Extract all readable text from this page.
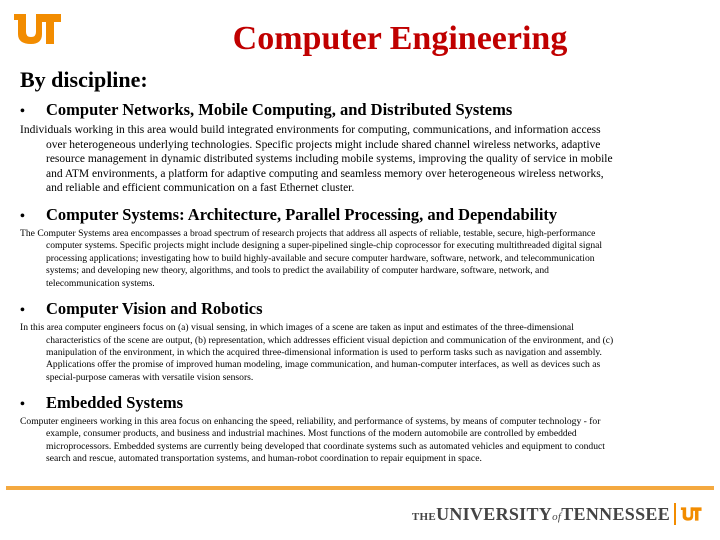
Computer Engineering
By discipline:
•	Computer Networks, Mobile Computing, and Distributed Systems

Individuals working in this area would build integrated environments for computing, communications, and information access over heterogeneous underlying technologies. Specific projects might include shared channel wireless networks, adaptive resource management in dynamic distributed systems including mobile systems, improving the quality of service in mobile and ATM environments, a platform for adaptive computing and seamless memory over heterogeneous wireless networks, and reliable and efficient communication on a fast Ethernet cluster.

•	Computer Systems: Architecture, Parallel Processing, and Dependability

The Computer Systems area encompasses a broad spectrum of research projects that address all aspects of reliable, testable, secure, high-performance computer systems. Specific projects might include designing a super-pipelined single-chip coprocessor for executing multithreaded digital signal processing applications; investigating how to build highly-available and secure computer hardware, software, network, and telecommunication systems; and developing new theory, algorithms, and tools to predict the availability of computer hardware, software, network, and telecommunication systems.

•	Computer Vision and Robotics

In this area computer engineers focus on (a) visual sensing, in which images of a scene are taken as input and estimates of the three-dimensional characteristics of the scene are output, (b) representation, which addresses efficient visual depiction and communication of the environment, and (c) manipulation of the environment, in which the acquired three-dimensional information is used to perform tasks such as navigation and assembly. Applications offer the promise of improved human modeling, image communication, and human-computer interfaces, as well as devices such as special-purpose cameras with versatile vision sensors.

•	Embedded Systems

Computer engineers working in this area focus on enhancing the speed, reliability, and performance of systems, by means of computer technology - for example, consumer products, and business and industrial machines. Most functions of the modern automobile are controlled by embedded microprocessors. Embedded systems are currently being developed that coordinate systems such as automated vehicles and equipment to conduct search and rescue, automated transportation systems, and human-robot coordination to repair equipment in space.

THEUNIVERSITYofTENNESSEE
